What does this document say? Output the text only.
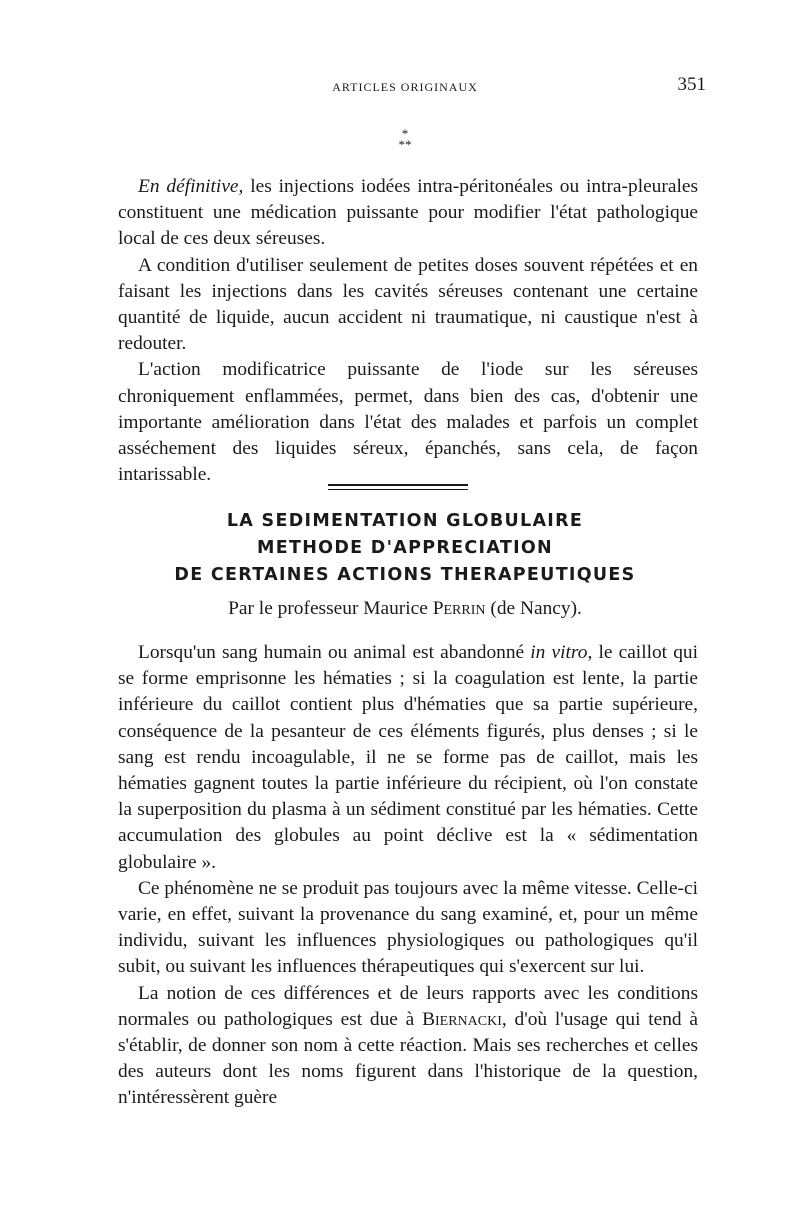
ARTICLES ORIGINAUX	351
*
**

En définitive, les injections iodées intra-péritonéales ou intra-pleurales constituent une médication puissante pour modifier l'état pathologique local de ces deux séreuses.

A condition d'utiliser seulement de petites doses souvent répétées et en faisant les injections dans les cavités séreuses contenant une certaine quantité de liquide, aucun accident ni traumatique, ni caustique n'est à redouter.

L'action modificatrice puissante de l'iode sur les séreuses chroniquement enflammées, permet, dans bien des cas, d'obtenir une importante amélioration dans l'état des malades et parfois un complet asséchement des liquides séreux, épanchés, sans cela, de façon intarissable.

LA SEDIMENTATION GLOBULAIRE
METHODE D'APPRECIATION
DE CERTAINES ACTIONS THERAPEUTIQUES
Par le professeur Maurice Perrin (de Nancy).

Lorsqu'un sang humain ou animal est abandonné in vitro, le caillot qui se forme emprisonne les hématies ; si la coagulation est lente, la partie inférieure du caillot contient plus d'hématies que sa partie supérieure, conséquence de la pesanteur de ces éléments figurés, plus denses ; si le sang est rendu incoagulable, il ne se forme pas de caillot, mais les hématies gagnent toutes la partie inférieure du récipient, où l'on constate la superposition du plasma à un sédiment constitué par les hématies. Cette accumulation des globules au point déclive est la « sédimentation globulaire ».

Ce phénomène ne se produit pas toujours avec la même vitesse. Celle-ci varie, en effet, suivant la provenance du sang examiné, et, pour un même individu, suivant les influences physiologiques ou pathologiques qu'il subit, ou suivant les influences thérapeutiques qui s'exercent sur lui.

La notion de ces différences et de leurs rapports avec les conditions normales ou pathologiques est due à Biernacki, d'où l'usage qui tend à s'établir, de donner son nom à cette réaction. Mais ses recherches et celles des auteurs dont les noms figurent dans l'historique de la question, n'intéressèrent guère
